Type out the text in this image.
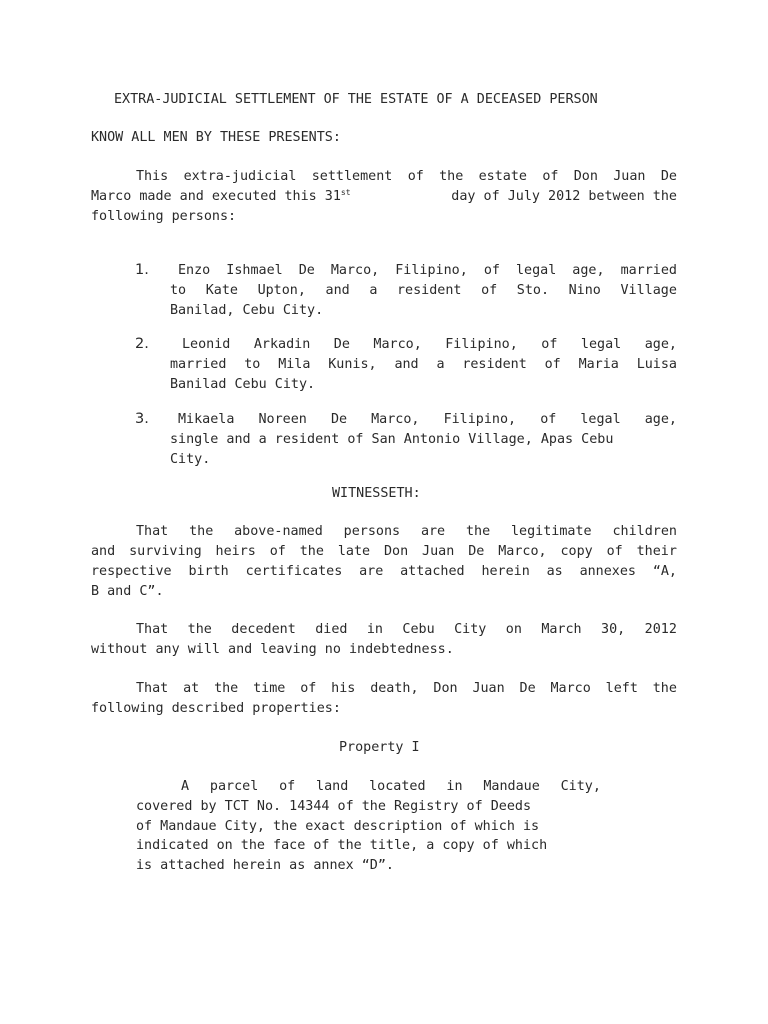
EXTRA-JUDICIAL SETTLEMENT OF THE ESTATE OF A DECEASED PERSON
KNOW ALL MEN BY THESE PRESENTS:
This extra-judicial settlement of the estate of Don Juan De
Marco made and executed this 31st	day of July 2012 between the
following persons:
1. Enzo Ishmael De Marco, Filipino, of legal age, married
to Kate Upton, and a resident of Sto. Nino Village
Banilad, Cebu City.
2. Leonid Arkadin De Marco, Filipino, of legal age,
married to Mila Kunis, and a resident of Maria Luisa
Banilad Cebu City.
3. Mikaela Noreen De Marco, Filipino, of legal age,
single and a resident of San Antonio Village, Apas Cebu
City.
WITNESSETH:
That the above-named persons are the legitimate children
and surviving heirs of the late Don Juan De Marco, copy of their
respective birth certificates are attached herein as annexes “A,
B and C”.
That the decedent died in Cebu City on March 30, 2012
without any will and leaving no indebtedness.
That at the time of his death, Don Juan De Marco left the
following described properties:
Property I
A parcel of land located in Mandaue City,
covered by TCT No. 14344 of the Registry of Deeds
of Mandaue City, the exact description of which is
indicated on the face of the title, a copy of which
is attached herein as annex “D”.
